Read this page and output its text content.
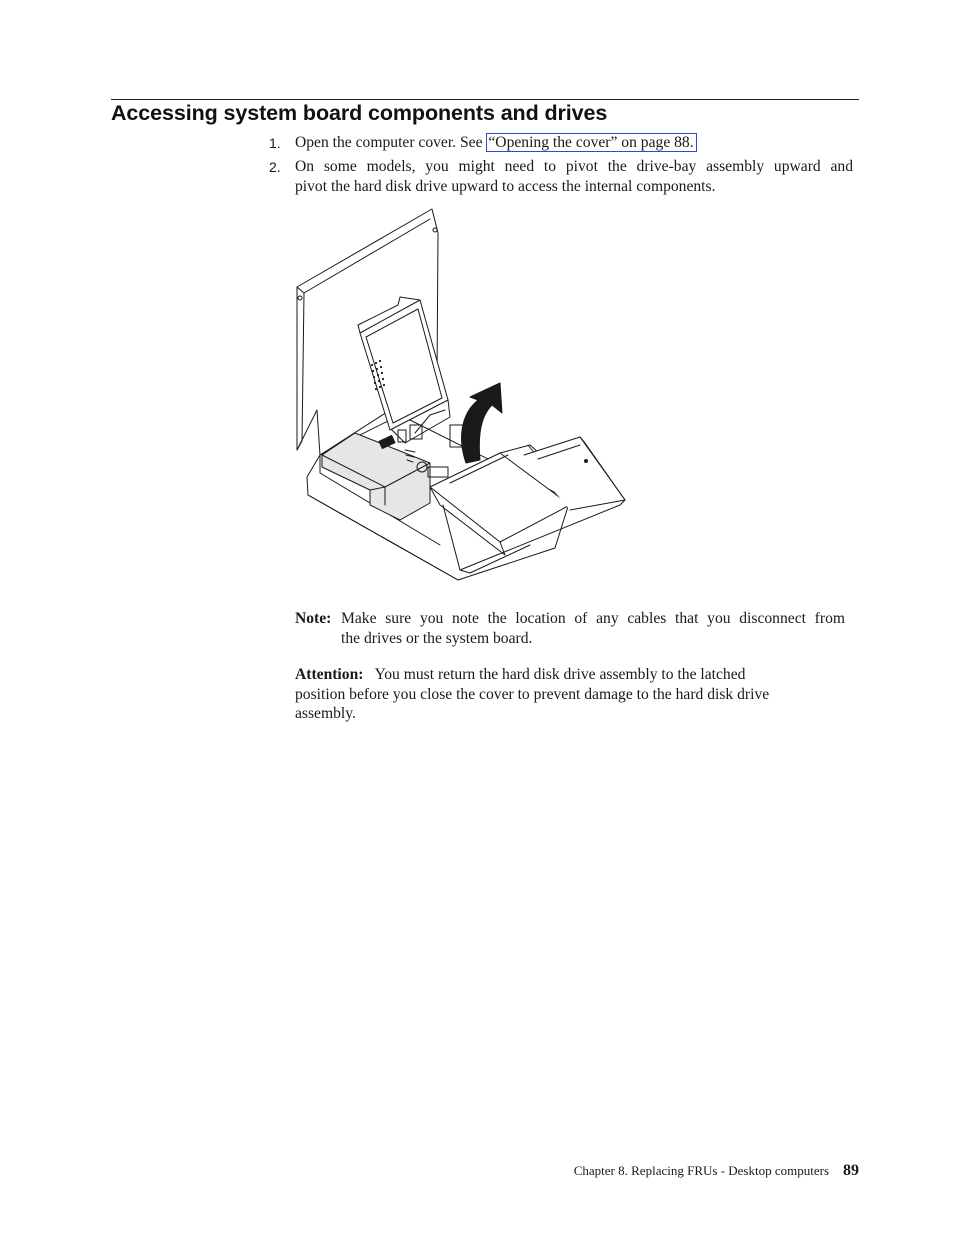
Accessing system board components and drives
1. Open the computer cover. See “Opening the cover” on page 88.
2. On some models, you might need to pivot the drive-bay assembly upward and
pivot the hard disk drive upward to access the internal components.
Note: Make sure you note the location of any cables that you disconnect from
the drives or the system board.
Attention: You must return the hard disk drive assembly to the latched
position before you close the cover to prevent damage to the hard disk drive
assembly.
Chapter 8. Replacing FRUs - Desktop computers 89
